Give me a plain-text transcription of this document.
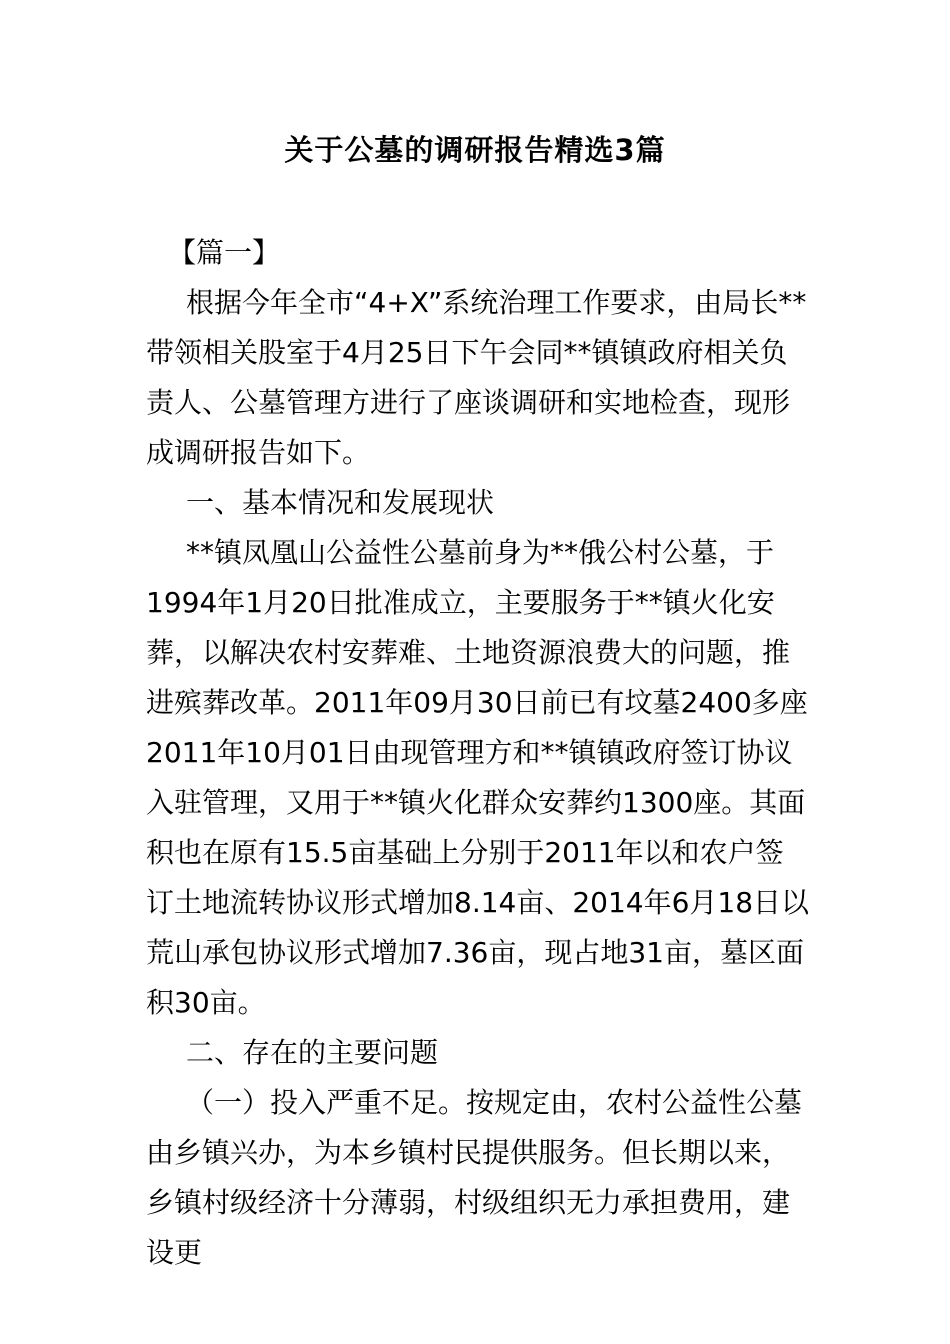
关于公墓的调研报告精选3篇

【篇一】

根据今年全市“4+X”系统治理工作要求，由局长**带领相关股室于4月25日下午会同**镇镇政府相关负责人、公墓管理方进行了座谈调研和实地检查，现形成调研报告如下。

一、基本情况和发展现状

**镇凤凰山公益性公墓前身为**俄公村公墓，于1994年1月20日批准成立，主要服务于**镇火化安葬，以解决农村安葬难、土地资源浪费大的问题，推进殡葬改革。2011年09月30日前已有坟墓2400多座2011年10月01日由现管理方和**镇镇政府签订协议入驻管理，又用于**镇火化群众安葬约1300座。其面积也在原有15.5亩基础上分别于2011年以和农户签订土地流转协议形式增加8.14亩、2014年6月18日以荒山承包协议形式增加7.36亩，现占地31亩，墓区面积30亩。

二、存在的主要问题

（一）投入严重不足。按规定由，农村公益性公墓由乡镇兴办，为本乡镇村民提供服务。但长期以来，乡镇村级经济十分薄弱，村级组织无力承担费用，建设更
